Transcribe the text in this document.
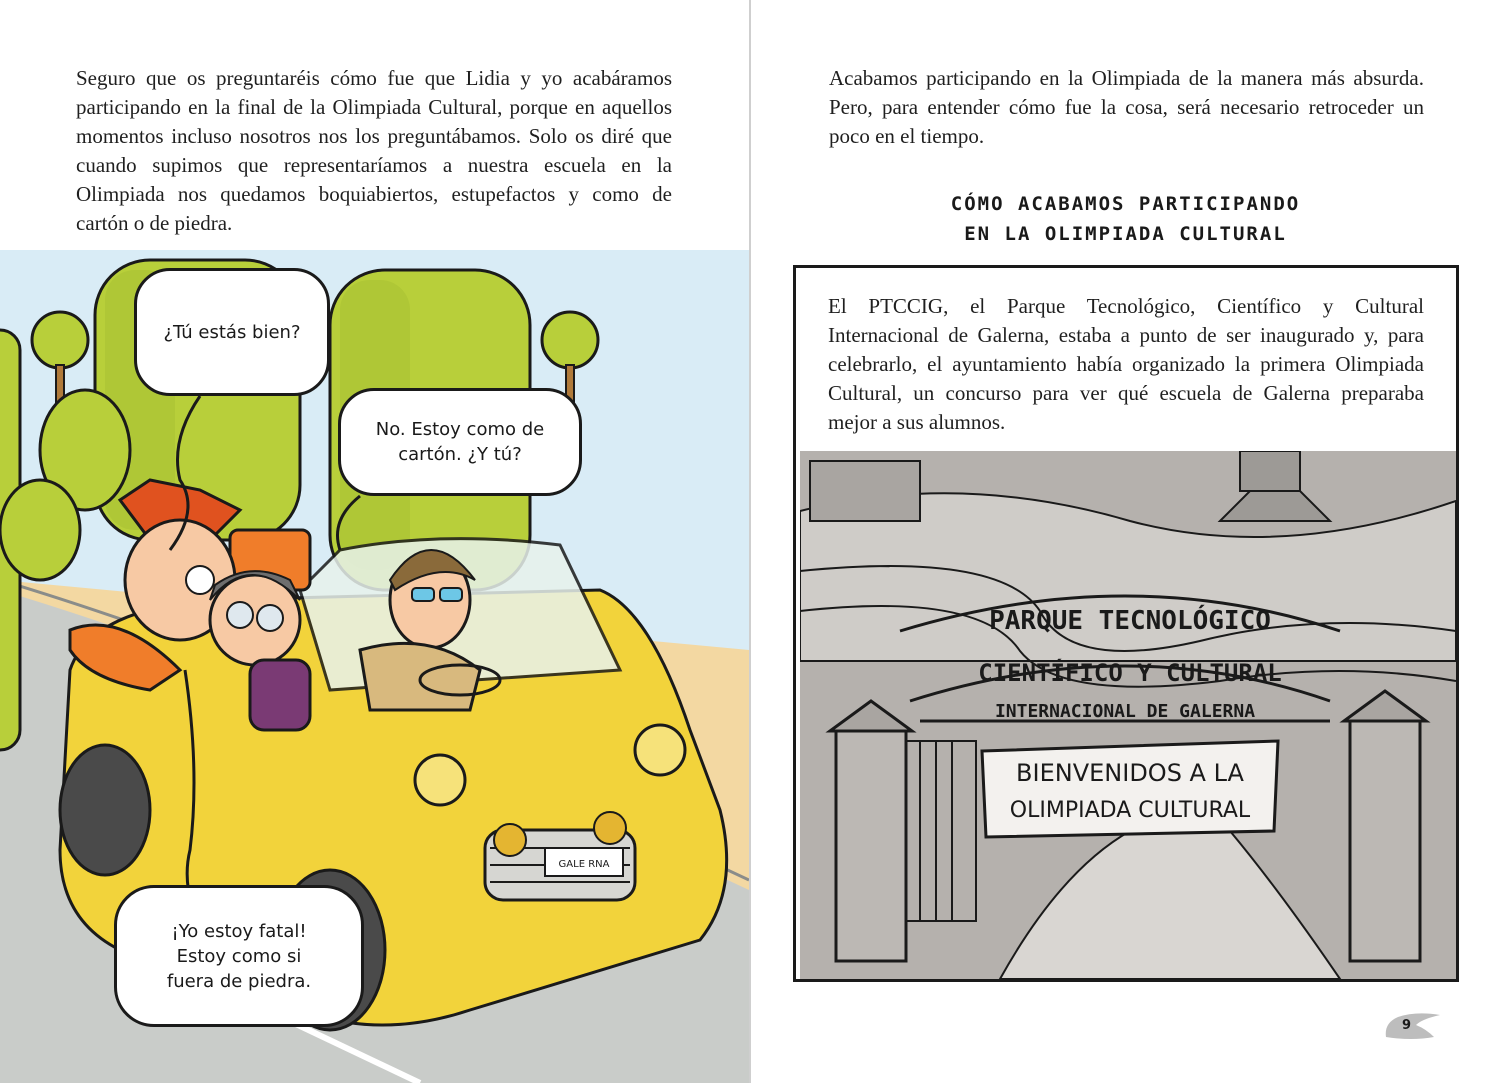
Seguro que os preguntaréis cómo fue que Lidia y yo acabáramos participando en la final de la Olimpiada Cultural, porque en aquellos momentos incluso nosotros nos los preguntábamos. Solo os diré que cuando supimos que representaríamos a nuestra escuela en la Olimpiada nos quedamos boquiabiertos, estupefactos y como de cartón o de piedra.

GALE RNA
¿Tú estás bien?
No. Estoy como de
cartón. ¿Y tú?
¡Yo estoy fatal!
Estoy como si
fuera de piedra.

Acabamos participando en la Olimpiada de la manera más absurda. Pero, para entender cómo fue la cosa, será necesario retroceder un poco en el tiempo.

CÓMO ACABAMOS PARTICIPANDO
EN LA OLIMPIADA CULTURAL

El PTCCIG, el Parque Tecnológico, Científico y Cultural Internacional de Galerna, estaba a punto de ser inaugurado y, para celebrarlo, el ayuntamiento había organizado la primera Olimpiada Cultural, un concurso para ver qué escuela de Galerna preparaba mejor a sus alumnos.

PARQUE TECNOLÓGICO
CIENTÍFICO Y CULTURAL
INTERNACIONAL DE GALERNA
BIENVENIDOS A LA
OLIMPIADA CULTURAL
9
